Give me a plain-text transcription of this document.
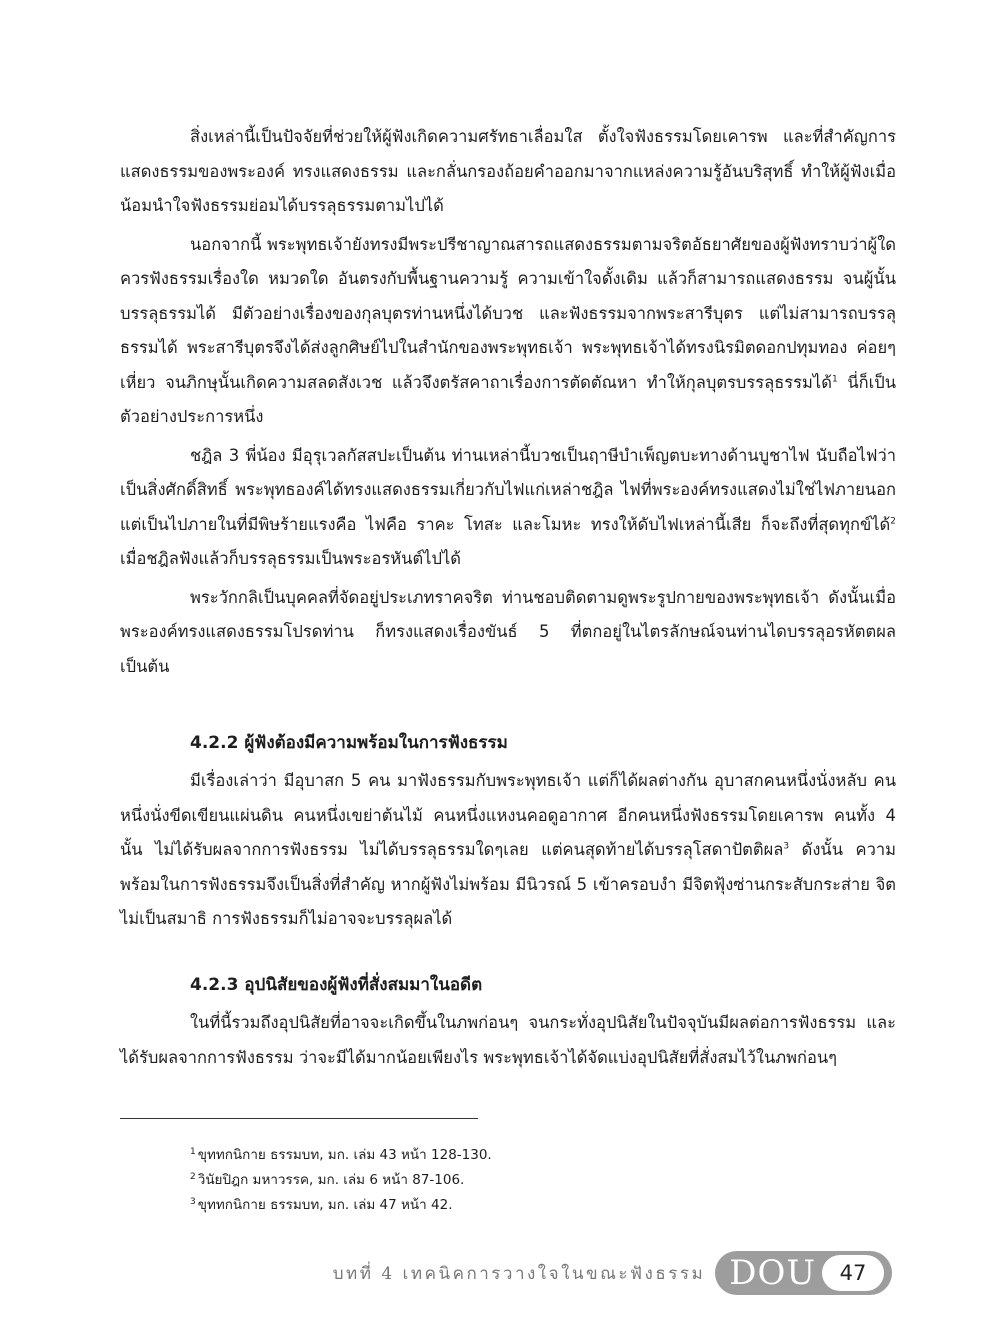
สิ่งเหล่านี้เป็นปัจจัยที่ช่วยให้ผู้ฟังเกิดความศรัทธาเลื่อมใส ตั้งใจฟังธรรมโดยเคารพ และที่สำคัญการแสดงธรรมของพระองค์ ทรงแสดงธรรม และกลั่นกรองถ้อยคำออกมาจากแหล่งความรู้อันบริสุทธิ์ ทำให้ผู้ฟังเมื่อน้อมนำใจฟังธรรมย่อมได้บรรลุธรรมตามไปได้

นอกจากนี้ พระพุทธเจ้ายังทรงมีพระปรีชาญาณสารถแสดงธรรมตามจริตอัธยาศัยของผู้ฟังทราบว่าผู้ใดควรฟังธรรมเรื่องใด หมวดใด อันตรงกับพื้นฐานความรู้ ความเข้าใจดั้งเดิม แล้วก็สามารถแสดงธรรม จนผู้นั้นบรรลุธรรมได้ มีตัวอย่างเรื่องของกุลบุตรท่านหนึ่งได้บวช และฟังธรรมจากพระสารีบุตร แต่ไม่สามารถบรรลุธรรมได้ พระสารีบุตรจึงได้ส่งลูกศิษย์ไปในสำนักของพระพุทธเจ้า พระพุทธเจ้าได้ทรงนิรมิตดอกปทุมทอง ค่อยๆ เหี่ยว จนภิกษุนั้นเกิดความสลดสังเวช แล้วจึงตรัสคาถาเรื่องการตัดตัณหา ทำให้กุลบุตรบรรลุธรรมได้$^1$ นี่ก็เป็นตัวอย่างประการหนึ่ง

ชฎิล 3 พี่น้อง มีอุรุเวลกัสสปะเป็นต้น ท่านเหล่านี้บวชเป็นฤาษีบำเพ็ญตบะทางด้านบูชาไฟ นับถือไฟว่าเป็นสิ่งศักดิ์สิทธิ์ พระพุทธองค์ได้ทรงแสดงธรรมเกี่ยวกับไฟแก่เหล่าชฎิล ไฟที่พระองค์ทรงแสดงไม่ใช่ไฟภายนอก แต่เป็นไปภายในที่มีพิษร้ายแรงคือ ไฟคือ ราคะ โทสะ และโมหะ ทรงให้ดับไฟเหล่านี้เสีย ก็จะถึงที่สุดทุกข์ได้$^2$ เมื่อชฎิลฟังแล้วก็บรรลุธรรมเป็นพระอรหันต์ไปได้

พระวักกลิเป็นบุคคลที่จัดอยู่ประเภทราคจริต ท่านชอบติดตามดูพระรูปกายของพระพุทธเจ้า ดังนั้นเมื่อพระองค์ทรงแสดงธรรมโปรดท่าน ก็ทรงแสดงเรื่องขันธ์ 5 ที่ตกอยู่ในไตรลักษณ์จนท่านไดบรรลุอรหัตตผล เป็นต้น

4.2.2 ผู้ฟังต้องมีความพร้อมในการฟังธรรม

มีเรื่องเล่าว่า มีอุบาสก 5 คน มาฟังธรรมกับพระพุทธเจ้า แต่ก็ได้ผลต่างกัน อุบาสกคนหนึ่งนั่งหลับ คนหนึ่งนั่งขีดเขียนแผ่นดิน คนหนึ่งเขย่าต้นไม้ คนหนึ่งแหงนคอดูอากาศ อีกคนหนึ่งฟังธรรมโดยเคารพ คนทั้ง 4 นั้น ไม่ได้รับผลจากการฟังธรรม ไม่ได้บรรลุธรรมใดๆเลย แต่คนสุดท้ายได้บรรลุโสดาปัตติผล$^3$ ดังนั้น ความพร้อมในการฟังธรรมจึงเป็นสิ่งที่สำคัญ หากผู้ฟังไม่พร้อม มีนิวรณ์ 5 เข้าครอบงำ มีจิตฟุ้งซ่านกระสับกระส่าย จิตไม่เป็นสมาธิ การฟังธรรมก็ไม่อาจจะบรรลุผลได้

4.2.3 อุปนิสัยของผู้ฟังที่สั่งสมมาในอดีต

ในที่นี้รวมถึงอุปนิสัยที่อาจจะเกิดขึ้นในภพก่อนๆ จนกระทั่งอุปนิสัยในปัจจุบันมีผลต่อการฟังธรรม และได้รับผลจากการฟังธรรม ว่าจะมีได้มากน้อยเพียงไร พระพุทธเจ้าได้จัดแบ่งอุปนิสัยที่สั่งสมไว้ในภพก่อนๆ

$^1$ ขุททกนิกาย ธรรมบท, มก. เล่ม 43 หน้า 128-130.

$^2$ วินัยปิฎก มหาวรรค, มก. เล่ม 6 หน้า 87-106.

$^3$ ขุททกนิกาย ธรรมบท, มก. เล่ม 47 หน้า 42.

บทที่ 4 เทคนิคการวางใจในขณะฟังธรรม DOU	47
